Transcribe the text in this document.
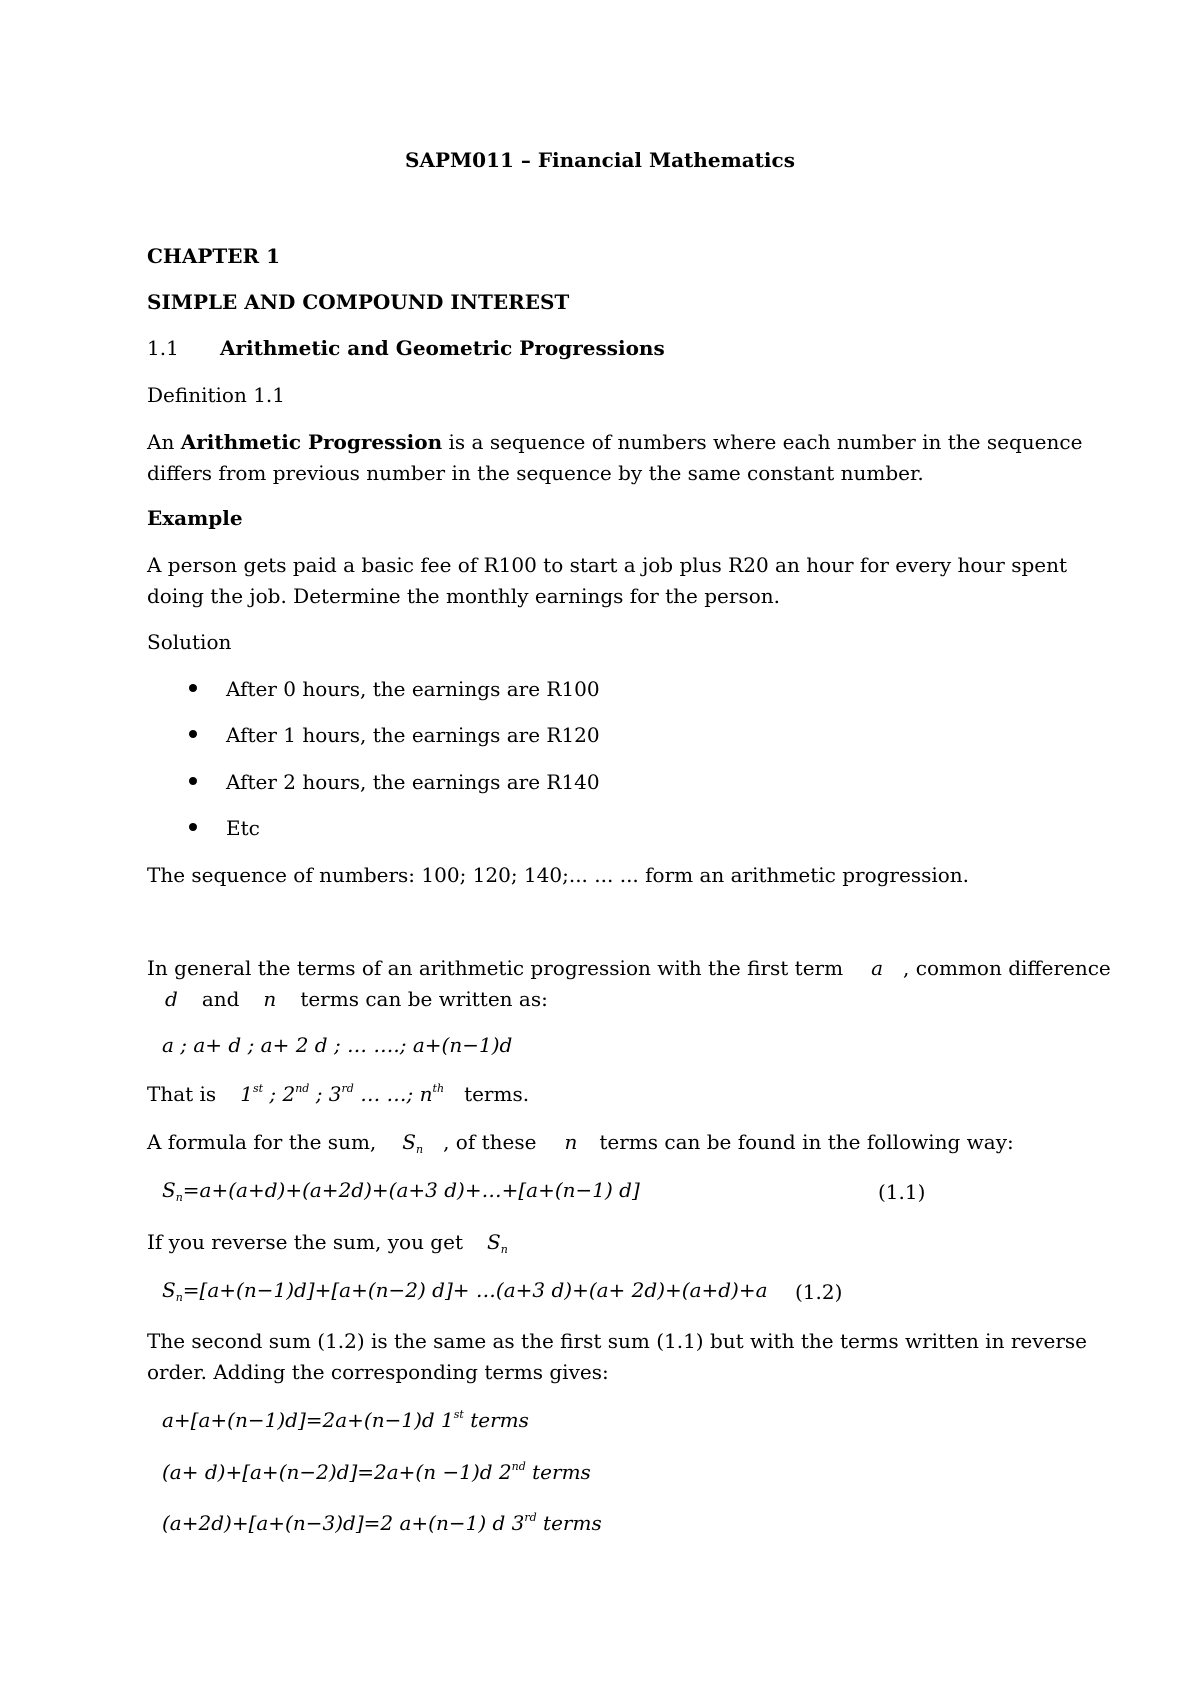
SAPM011 – Financial Mathematics
CHAPTER 1
SIMPLE AND COMPOUND INTEREST
1.1 Arithmetic and Geometric Progressions
Definition 1.1
An Arithmetic Progression is a sequence of numbers where each number in the sequence
differs from previous number in the sequence by the same constant number.
Example
A person gets paid a basic fee of R100 to start a job plus R20 an hour for every hour spent
doing the job. Determine the monthly earnings for the person.
Solution
After 0 hours, the earnings are R100
After 1 hours, the earnings are R120
After 2 hours, the earnings are R140
Etc
The sequence of numbers: 100; 120; 140;... ... ... form an arithmetic progression.
In general the terms of an arithmetic progression with the first term a , common difference
d and n terms can be written as:
a ; a+ d ; a+ 2 d ; … ….; a+(n−1)d
That is 1st ; 2nd ; 3rd … …; $n^{th}$ terms.
A formula for the sum, $S_n$ , of these n terms can be found in the following way:
$S_n=a+(a+d)+(a+2d)+(a+3$ d)+…+[a+(n−1) d]	(1.1)
If you reverse the sum, you get $S_n$
$S_n=[a+(n-1)d]+[a+(n-2)$ d]+ …(a+3 d)+(a+ 2d)+(a+d)+a (1.2)
The second sum (1.2) is the same as the first sum (1.1) but with the terms written in reverse
order. Adding the corresponding terms gives:
a+[a+(n−1)d]=2a+(n−1)d 1st terms
(a+ d)+[a+(n−2)d]=2a+(n −1)d 2nd terms
(a+2d)+[a+(n−3)d]=2 a+(n−1) d 3rd terms
